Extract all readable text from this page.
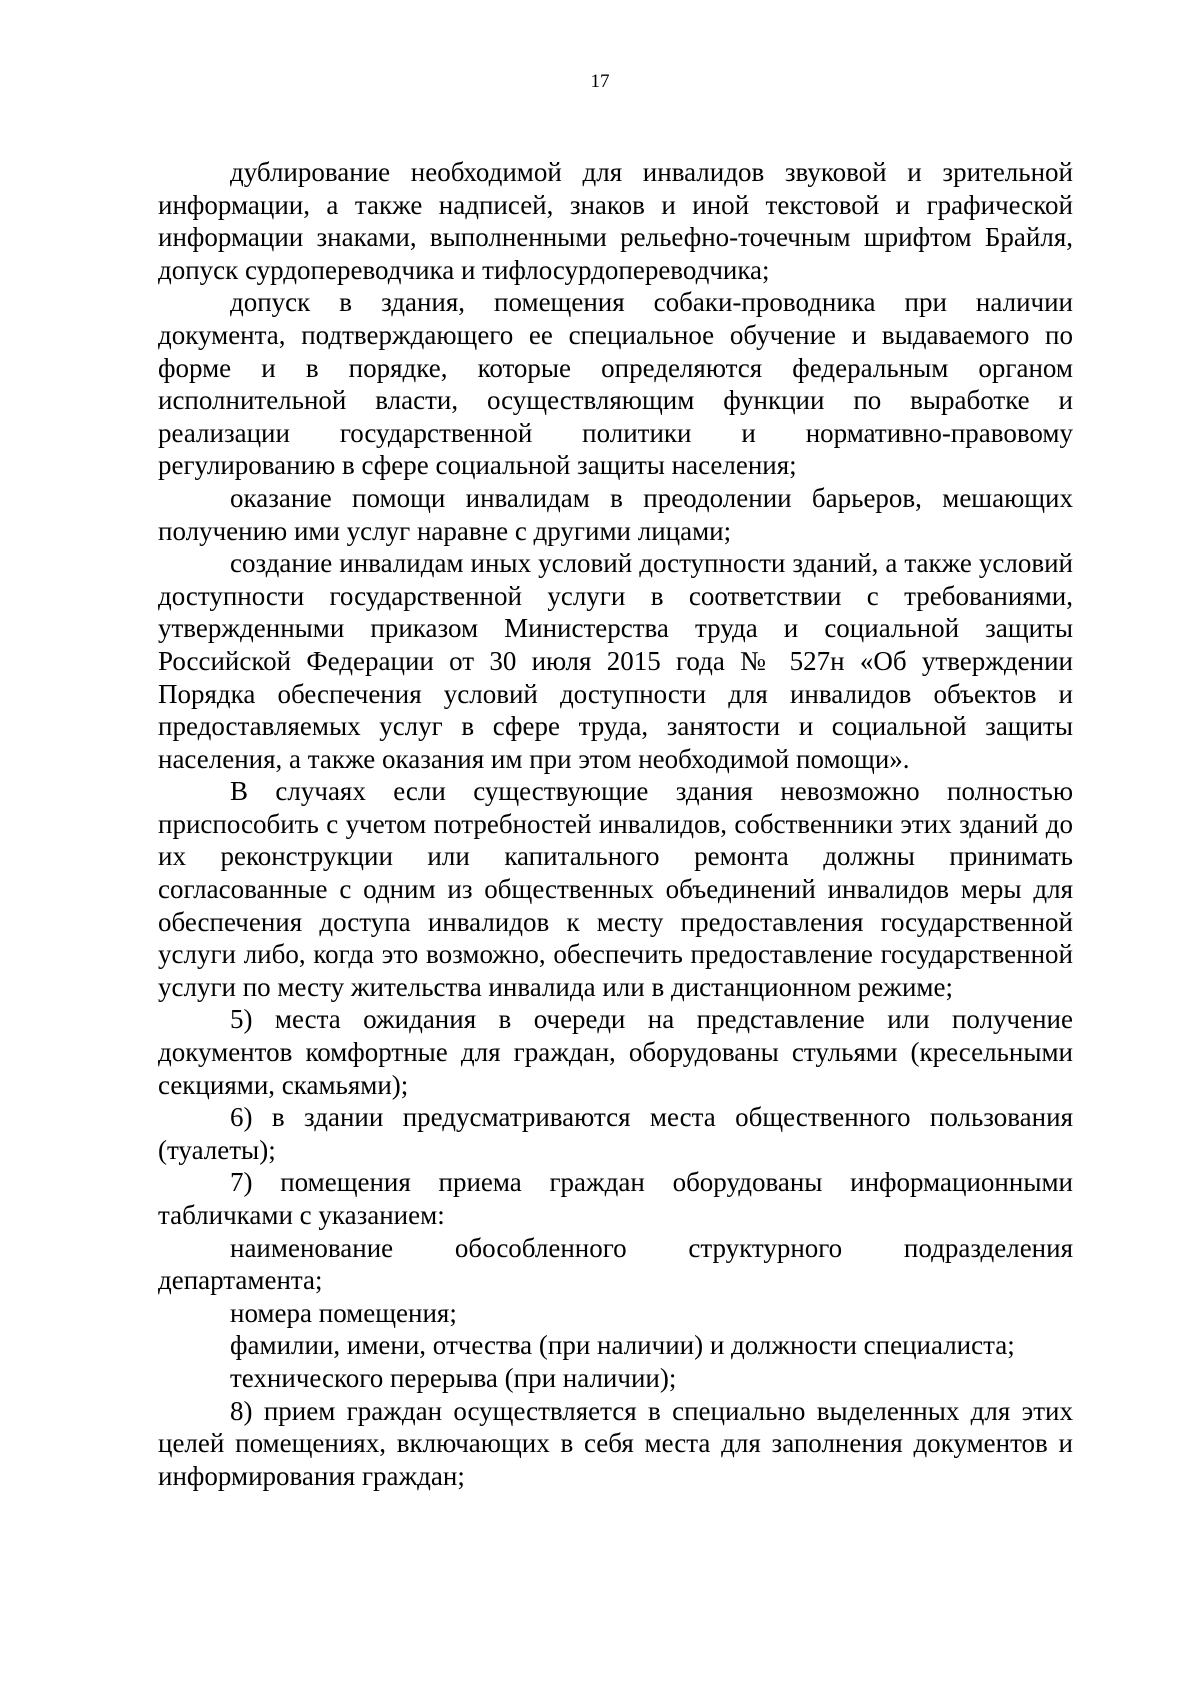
17

дублирование необходимой для инвалидов звуковой и зрительной информации, а также надписей, знаков и иной текстовой и графической информации знаками, выполненными рельефно-точечным шрифтом Брайля, допуск сурдопереводчика и тифлосурдопереводчика;

допуск в здания, помещения собаки-проводника при наличии документа, подтверждающего ее специальное обучение и выдаваемого по форме и в порядке, которые определяются федеральным органом исполнительной власти, осуществляющим функции по выработке и реализации государственной политики и нормативно-правовому регулированию в сфере социальной защиты населения;

оказание помощи инвалидам в преодолении барьеров, мешающих получению ими услуг наравне с другими лицами;

создание инвалидам иных условий доступности зданий, а также условий доступности государственной услуги в соответствии с требованиями, утвержденными приказом Министерства труда и социальной защиты Российской Федерации от 30 июля 2015 года № 527н «Об утверждении Порядка обеспечения условий доступности для инвалидов объектов и предоставляемых услуг в сфере труда, занятости и социальной защиты населения, а также оказания им при этом необходимой помощи».

В случаях если существующие здания невозможно полностью приспособить с учетом потребностей инвалидов, собственники этих зданий до их реконструкции или капитального ремонта должны принимать согласованные с одним из общественных объединений инвалидов меры для обеспечения доступа инвалидов к месту предоставления государственной услуги либо, когда это возможно, обеспечить предоставление государственной услуги по месту жительства инвалида или в дистанционном режиме;

5) места ожидания в очереди на представление или получение документов комфортные для граждан, оборудованы стульями (кресельными секциями, скамьями);

6) в здании предусматриваются места общественного пользования (туалеты);

7) помещения приема граждан оборудованы информационными табличками с указанием:

наименование обособленного структурного подразделения департамента;

номера помещения;

фамилии, имени, отчества (при наличии) и должности специалиста;

технического перерыва (при наличии);

8) прием граждан осуществляется в специально выделенных для этих целей помещениях, включающих в себя места для заполнения документов и информирования граждан;
